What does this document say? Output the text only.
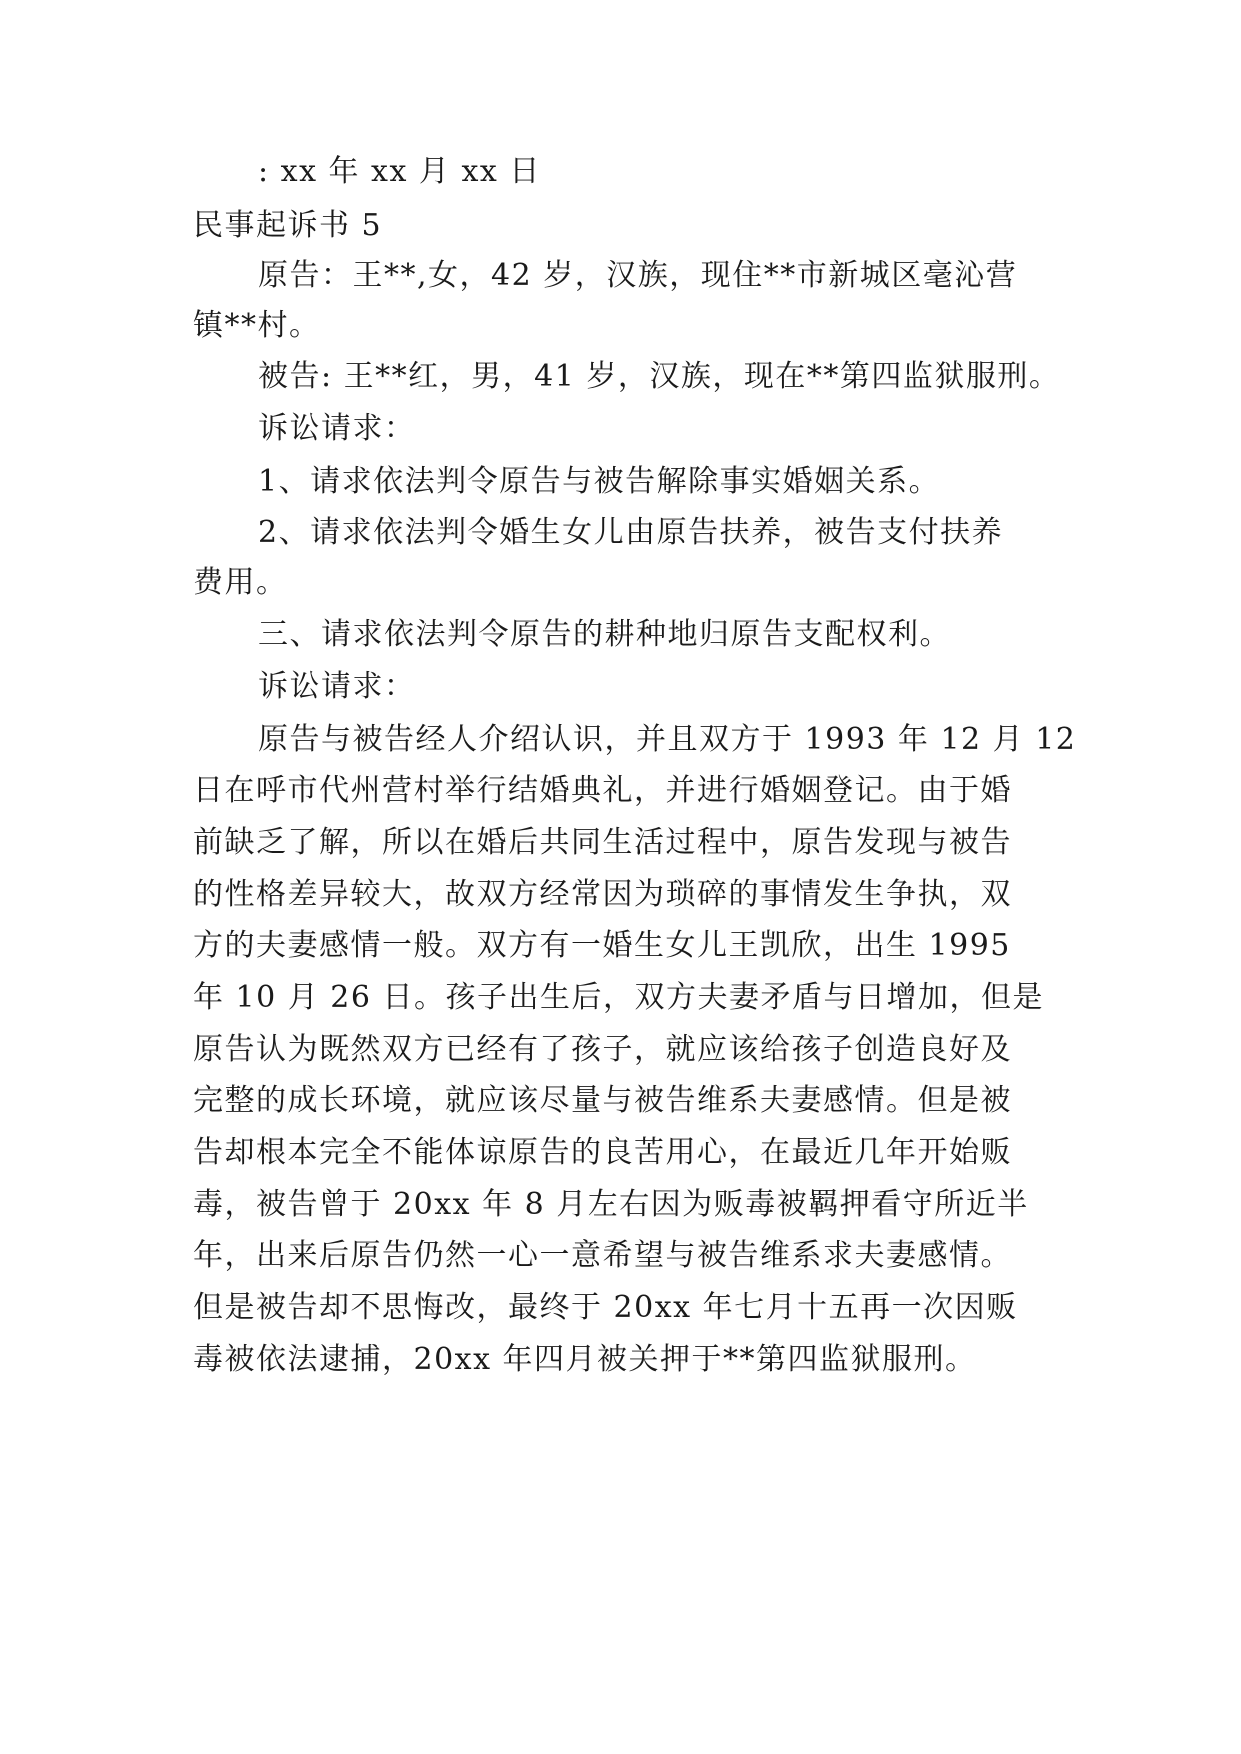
: xx 年 xx 月 xx 日
民事起诉书 5
原告：王**,女，42 岁，汉族，现住**市新城区毫沁营
镇**村。
被告: 王**红，男，41 岁，汉族，现在**第四监狱服刑。
诉讼请求：
1、请求依法判令原告与被告解除事实婚姻关系。
2、请求依法判令婚生女儿由原告扶养，被告支付扶养
费用。
三、请求依法判令原告的耕种地归原告支配权利。
诉讼请求：
原告与被告经人介绍认识，并且双方于 1993 年 12 月 12
日在呼市代州营村举行结婚典礼，并进行婚姻登记。由于婚
前缺乏了解，所以在婚后共同生活过程中，原告发现与被告
的性格差异较大，故双方经常因为琐碎的事情发生争执，双
方的夫妻感情一般。双方有一婚生女儿王凯欣，出生 1995
年 10 月 26 日。孩子出生后，双方夫妻矛盾与日增加，但是
原告认为既然双方已经有了孩子，就应该给孩子创造良好及
完整的成长环境，就应该尽量与被告维系夫妻感情。但是被
告却根本完全不能体谅原告的良苦用心，在最近几年开始贩
毒，被告曾于 20xx 年 8 月左右因为贩毒被羁押看守所近半
年，出来后原告仍然一心一意希望与被告维系求夫妻感情。
但是被告却不思悔改，最终于 20xx 年七月十五再一次因贩
毒被依法逮捕，20xx 年四月被关押于**第四监狱服刑。
